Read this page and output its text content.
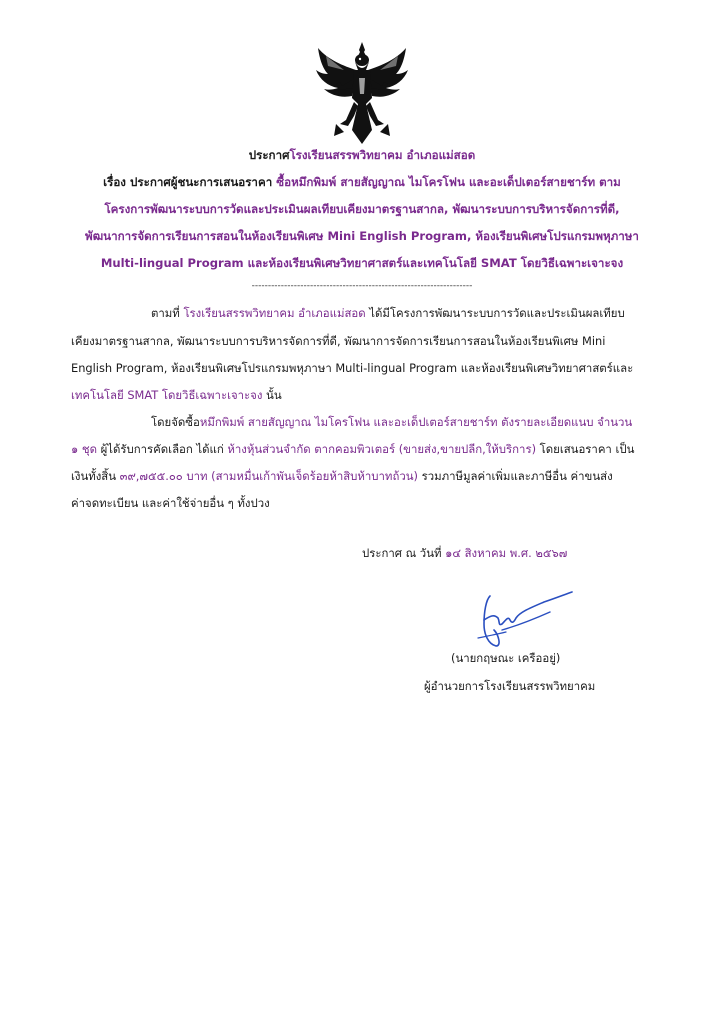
ประกาศโรงเรียนสรรพวิทยาคม อำเภอแม่สอด
เรื่อง ประกาศผู้ชนะการเสนอราคา ซื้อหมึกพิมพ์ สายสัญญาณ ไมโครโฟน และอะเด็ปเตอร์สายชาร์ท ตาม
โครงการพัฒนาระบบการวัดและประเมินผลเทียบเคียงมาตรฐานสากล, พัฒนาระบบการบริหารจัดการที่ดี,
พัฒนาการจัดการเรียนการสอนในห้องเรียนพิเศษ Mini English Program, ห้องเรียนพิเศษโปรแกรมพหุภาษา
Multi-lingual Program และห้องเรียนพิเศษวิทยาศาสตร์และเทคโนโลยี SMAT โดยวิธีเฉพาะเจาะจง
--------------------------------------------------------------------
ตามที่ โรงเรียนสรรพวิทยาคม อำเภอแม่สอด ได้มีโครงการพัฒนาระบบการวัดและประเมินผลเทียบ
เคียงมาตรฐานสากล, พัฒนาระบบการบริหารจัดการที่ดี, พัฒนาการจัดการเรียนการสอนในห้องเรียนพิเศษ Mini
English Program, ห้องเรียนพิเศษโปรแกรมพหุภาษา Multi-lingual Program และห้องเรียนพิเศษวิทยาศาสตร์และ
เทคโนโลยี SMAT โดยวิธีเฉพาะเจาะจง นั้น
โดยจัดซื้อหมึกพิมพ์ สายสัญญาณ ไมโครโฟน และอะเด็ปเตอร์สายชาร์ท ตังรายละเอียดแนบ จำนวน
๑ ชุด ผู้ได้รับการคัดเลือก ได้แก่ ห้างหุ้นส่วนจำกัด ตากคอมพิวเตอร์ (ขายส่ง,ขายปลีก,ให้บริการ) โดยเสนอราคา เป็น
เงินทั้งสิ้น ๓๙,๗๕๕.๐๐ บาท (สามหมื่นเก้าพันเจ็ดร้อยห้าสิบห้าบาทถ้วน) รวมภาษีมูลค่าเพิ่มและภาษีอื่น ค่าขนส่ง
ค่าจดทะเบียน และค่าใช้จ่ายอื่น ๆ ทั้งปวง
ประกาศ ณ วันที่ ๑๔ สิงหาคม พ.ศ. ๒๕๖๗
(นายกฤษณะ เครืออยู่)
ผู้อำนวยการโรงเรียนสรรพวิทยาคม
